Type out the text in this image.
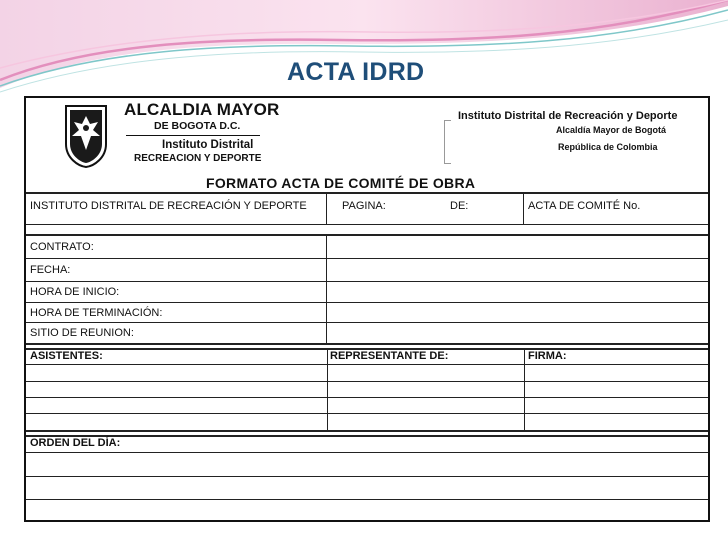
ACTA IDRD
ALCALDIA MAYOR
DE BOGOTA D.C.
Instituto Distrital
RECREACION Y DEPORTE
Instituto Distrital de Recreación y Deporte
Alcaldía Mayor de Bogotá
República de Colombia
FORMATO ACTA DE COMITÉ DE OBRA
INSTITUTO DISTRITAL DE RECREACIÓN Y DEPORTE	PAGINA:	DE:	ACTA DE COMITÉ No.
CONTRATO:
FECHA:
HORA DE INICIO:
HORA DE TERMINACIÓN:
SITIO DE REUNION:
ASISTENTES:	REPRESENTANTE DE:	FIRMA:
ORDEN DEL DÍA:
